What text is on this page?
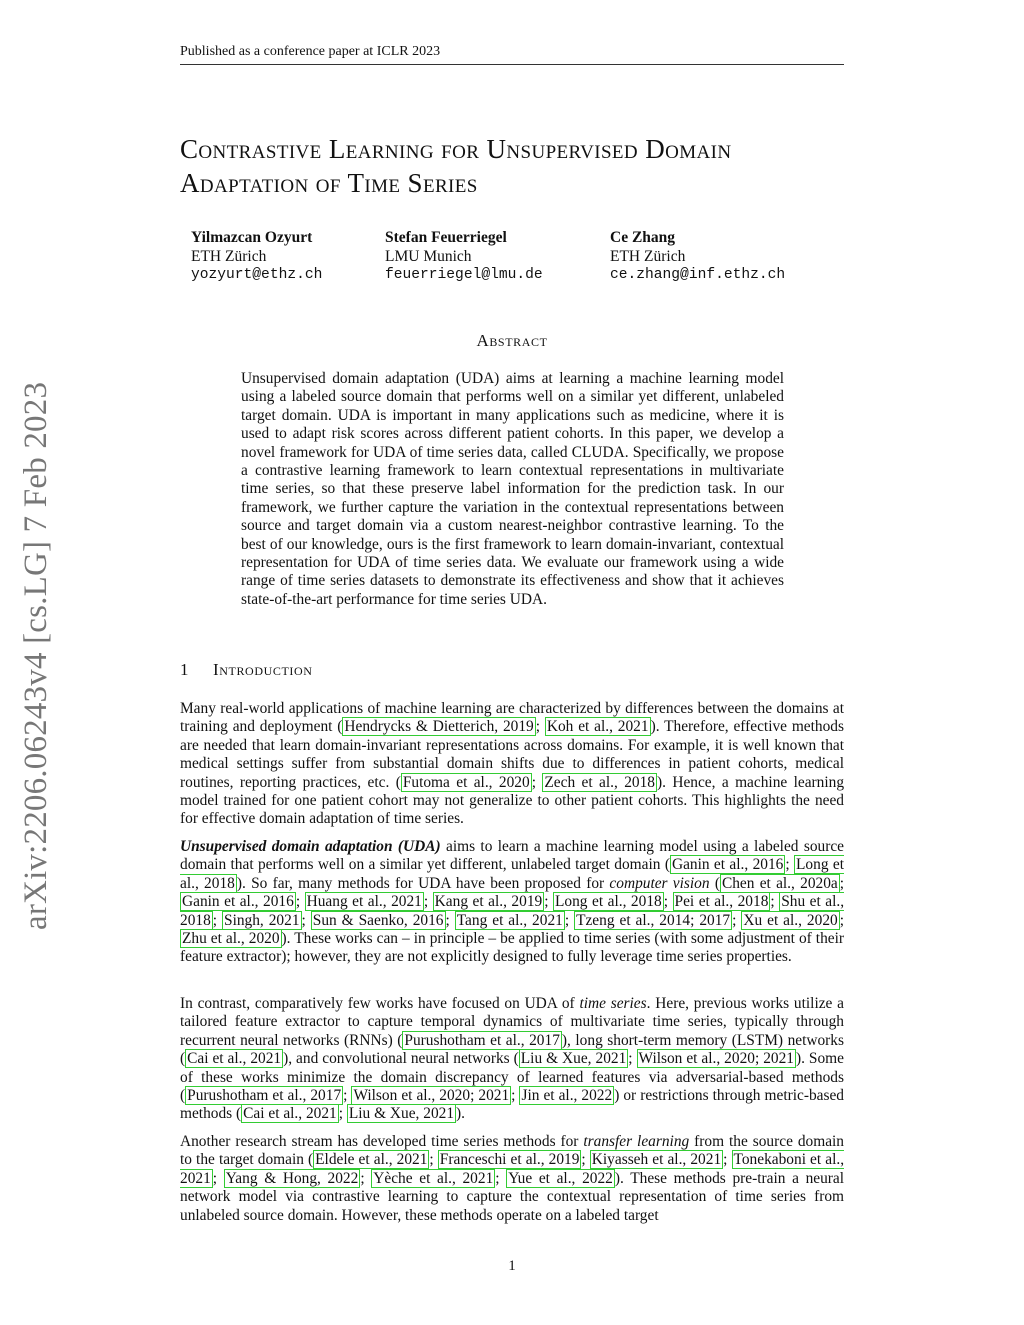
Published as a conference paper at ICLR 2023
arXiv:2206.06243v4 [cs.LG] 7 Feb 2023
Contrastive Learning for Unsupervised Domain Adaptation of Time Series
Yilmazcan Ozyurt
ETH Zürich
yozyurt@ethz.ch
Stefan Feuerriegel
LMU Munich
feuerriegel@lmu.de
Ce Zhang
ETH Zürich
ce.zhang@inf.ethz.ch
Abstract

Unsupervised domain adaptation (UDA) aims at learning a machine learning model using a labeled source domain that performs well on a similar yet different, unlabeled target domain. UDA is important in many applications such as medicine, where it is used to adapt risk scores across different patient cohorts. In this paper, we develop a novel framework for UDA of time series data, called CLUDA. Specifically, we propose a contrastive learning framework to learn contextual representations in multivariate time series, so that these preserve label information for the prediction task. In our framework, we further capture the variation in the contextual representations between source and target domain via a custom nearest-neighbor contrastive learning. To the best of our knowledge, ours is the first framework to learn domain-invariant, contextual representation for UDA of time series data. We evaluate our framework using a wide range of time series datasets to demonstrate its effectiveness and show that it achieves state-of-the-art performance for time series UDA.

1 Introduction

Many real-world applications of machine learning are characterized by differences between the domains at training and deployment ( Hendrycks & Dietterich, 2019 ; Koh et al., 2021 ). Therefore, effective methods are needed that learn domain-invariant representations across domains. For example, it is well known that medical settings suffer from substantial domain shifts due to differences in patient cohorts, medical routines, reporting practices, etc. ( Futoma et al., 2020 ; Zech et al., 2018 ). Hence, a machine learning model trained for one patient cohort may not generalize to other patient cohorts. This highlights the need for effective domain adaptation of time series.

Unsupervised domain adaptation (UDA) aims to learn a machine learning model using a labeled source domain that performs well on a similar yet different, unlabeled target domain ( Ganin et al., 2016 ; Long et al., 2018 ). So far, many methods for UDA have been proposed for computer vision ( Chen et al., 2020a ; Ganin et al., 2016 ; Huang et al., 2021 ; Kang et al., 2019 ; Long et al., 2018 ; Pei et al., 2018 ; Shu et al., 2018 ; Singh, 2021 ; Sun & Saenko, 2016 ; Tang et al., 2021 ; Tzeng et al., 2014; 2017 ; Xu et al., 2020 ; Zhu et al., 2020 ). These works can – in principle – be applied to time series (with some adjustment of their feature extractor); however, they are not explicitly designed to fully leverage time series properties.

In contrast, comparatively few works have focused on UDA of time series. Here, previous works utilize a tailored feature extractor to capture temporal dynamics of multivariate time series, typically through recurrent neural networks (RNNs) ( Purushotham et al., 2017 ), long short-term memory (LSTM) networks ( Cai et al., 2021 ), and convolutional neural networks ( Liu & Xue, 2021 ; Wilson et al., 2020; 2021 ). Some of these works minimize the domain discrepancy of learned features via adversarial-based methods ( Purushotham et al., 2017 ; Wilson et al., 2020; 2021 ; Jin et al., 2022 ) or restrictions through metric-based methods ( Cai et al., 2021 ; Liu & Xue, 2021 ).

Another research stream has developed time series methods for transfer learning from the source domain to the target domain ( Eldele et al., 2021 ; Franceschi et al., 2019 ; Kiyasseh et al., 2021 ; Tonekaboni et al., 2021 ; Yang & Hong, 2022 ; Yèche et al., 2021 ; Yue et al., 2022 ). These methods pre-train a neural network model via contrastive learning to capture the contextual representation of time series from unlabeled source domain. However, these methods operate on a labeled target

1
